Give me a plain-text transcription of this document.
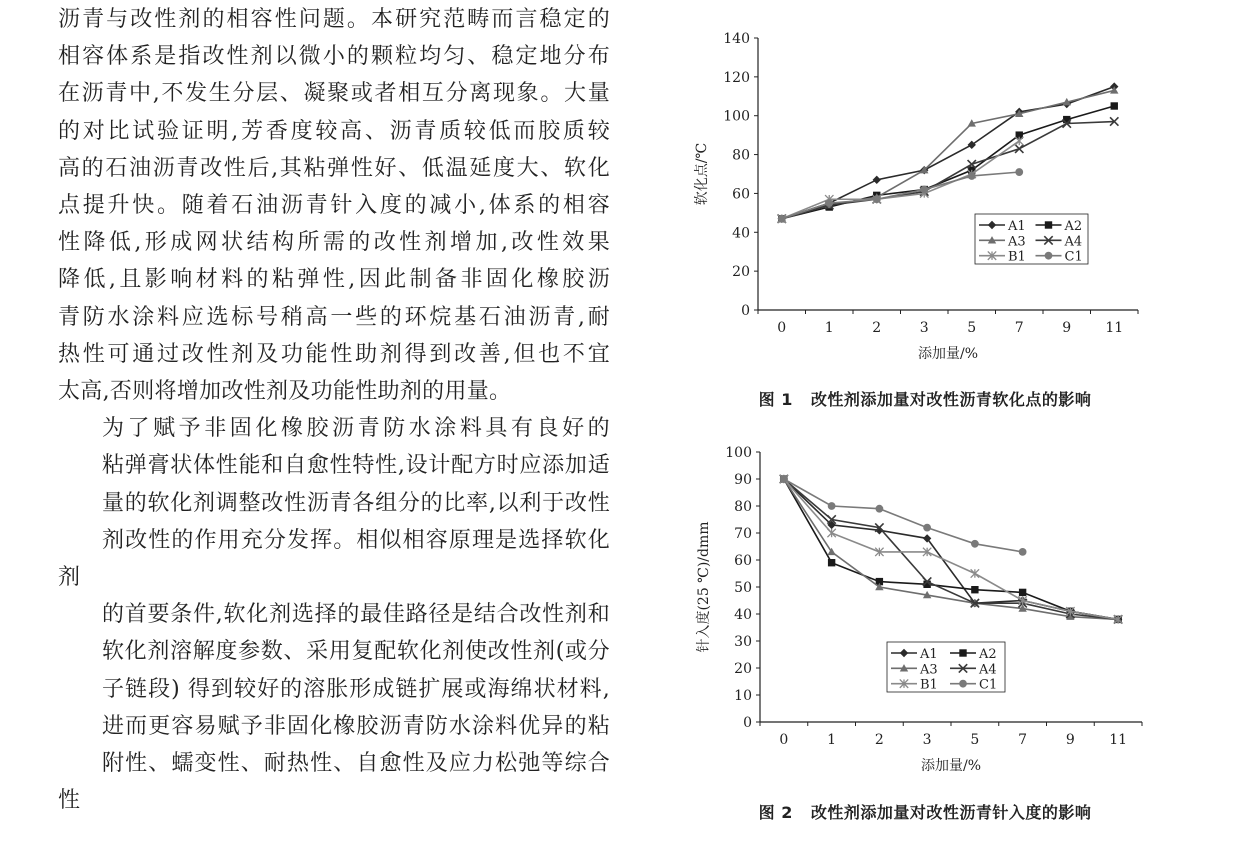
沥青与改性剂的相容性问题。本研究范畴而言稳定的
相容体系是指改性剂以微小的颗粒均匀、稳定地分布
在沥青中,不发生分层、凝聚或者相互分离现象。大量
的对比试验证明,芳香度较高、沥青质较低而胶质较
高的石油沥青改性后,其粘弹性好、低温延度大、软化
点提升快。随着石油沥青针入度的减小,体系的相容
性降低,形成网状结构所需的改性剂增加,改性效果
降低,且影响材料的粘弹性,因此制备非固化橡胶沥
青防水涂料应选标号稍高一些的环烷基石油沥青,耐
热性可通过改性剂及功能性助剂得到改善,但也不宜
太高,否则将增加改性剂及功能性助剂的用量。
为了赋予非固化橡胶沥青防水涂料具有良好的
粘弹膏状体性能和自愈性特性,设计配方时应添加适
量的软化剂调整改性沥青各组分的比率,以利于改性
剂改性的作用充分发挥。相似相容原理是选择软化剂
的首要条件,软化剂选择的最佳路径是结合改性剂和
软化剂溶解度参数、采用复配软化剂使改性剂(或分
子链段) 得到较好的溶胀形成链扩展或海绵状材料,
进而更容易赋予非固化橡胶沥青防水涂料优异的粘
附性、蠕变性、耐热性、自愈性及应力松弛等综合性
0
20
40
60
80
100
120
140
0	1	2	3	5	7	9 11
添加量/%
软化点/℃
A1	A2
A3	A4
B1	C1
图 1 改性剂添加量对改性沥青软化点的影响
0
10
20
30
40
50
60
70
80
90
100
0	1	2	3	5	7	9 11
添加量/%
针入度(25 ℃)/dmm
A1	A2
A3	A4
B1	C1
图 2 改性剂添加量对改性沥青针入度的影响
